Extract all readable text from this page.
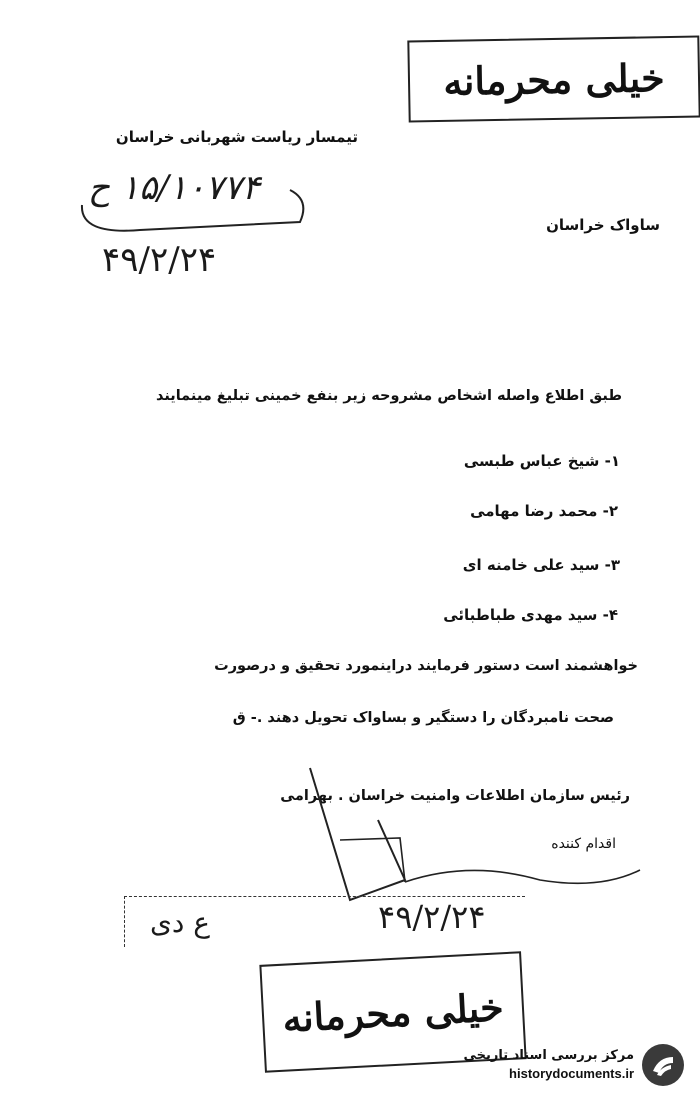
خیلی محرمانه
تیمسار ریاست شهربانی خراسان
۱۵/۱۰۷۷۴ ح
۴۹/۲/۲۴
ساواک خراسان
طبق اطلاع واصله اشخاص مشروحه زیر بنفع خمینی تبلیغ مینمایند
۱- شیخ عباس طبسی
۲- محمد رضا مهامی
۳- سید علی خامنه ای
۴- سید مهدی طباطبائی
خواهشمند است دستور فرمایند دراینمورد تحقیق و درصورت
صحت نامبردگان را دستگیر و بساواک تحویل دهند .- ق
رئیس سازمان اطلاعات وامنیت خراسان . بهرامی
اقدام کننده
ع دی	۴۹/۲/۲۴
خیلی محرمانه
مرکز بررسی اسناد تاریخی
historydocuments.ir
